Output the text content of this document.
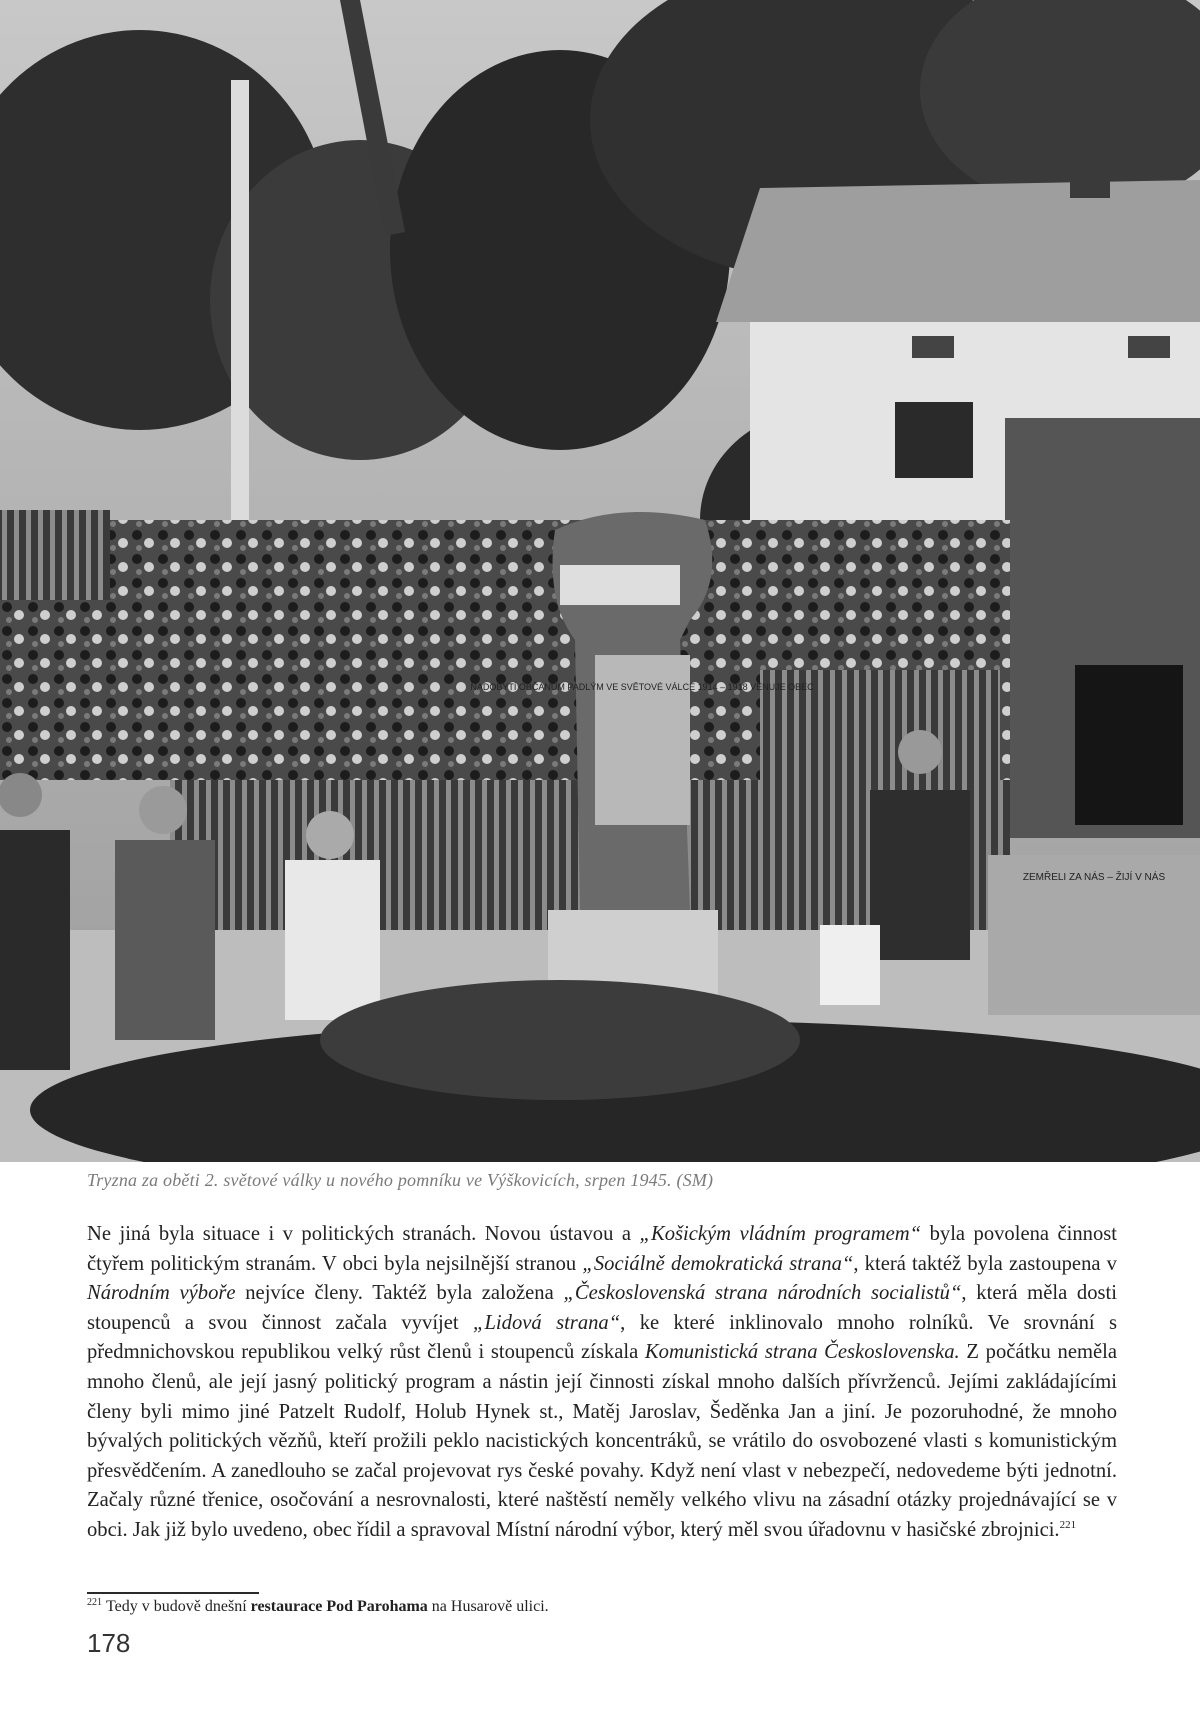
NADOBYTÍ OBČANŮM PADLÝM VE SVĚTOVÉ VÁLCE 1914 – 1918 VĚNUJE OBEC
ZEMŘELI ZA NÁS – ŽIJÍ V NÁS
Tryzna za oběti 2. světové války u nového pomníku ve Výškovicích, srpen 1945. (SM)

Ne jiná byla situace i v politických stranách. Novou ústavou a „Košickým vládním programem“ byla povolena činnost čtyřem politickým stranám. V obci byla nejsilnější stranou „Sociálně demokratická strana“, která taktéž byla zastoupena v Národním výboře nejvíce členy. Taktéž byla založena „Československá strana národních socialistů“, která měla dosti stoupenců a svou činnost začala vyvíjet „Lidová strana“, ke které inklinovalo mnoho rolníků. Ve srovnání s předmnichovskou republikou velký růst členů i stoupenců získala Komunistická strana Československa. Z počátku neměla mnoho členů, ale její jasný politický program a nástin její činnosti získal mnoho dalších přívrženců. Jejími zakládajícími členy byli mimo jiné Patzelt Rudolf, Holub Hynek st., Matěj Jaroslav, Šeděnka Jan a jiní. Je pozoruhodné, že mnoho bývalých politických vězňů, kteří prožili peklo nacistických koncentráků, se vrátilo do osvobozené vlasti s komunistickým přesvědčením. A zanedlouho se začal projevovat rys české povahy. Když není vlast v nebezpečí, nedovedeme býti jednotní. Začaly různé třenice, osočování a nesrovnalosti, které naštěstí neměly velkého vlivu na zásadní otázky projednávající se v obci. Jak již bylo uvedeno, obec řídil a spravoval Místní národní výbor, který měl svou úřadovnu v hasičské zbrojnici.$^{221}$

$^{221}$ Tedy v budově dnešní restaurace Pod Parohama na Husarově ulici.
178
